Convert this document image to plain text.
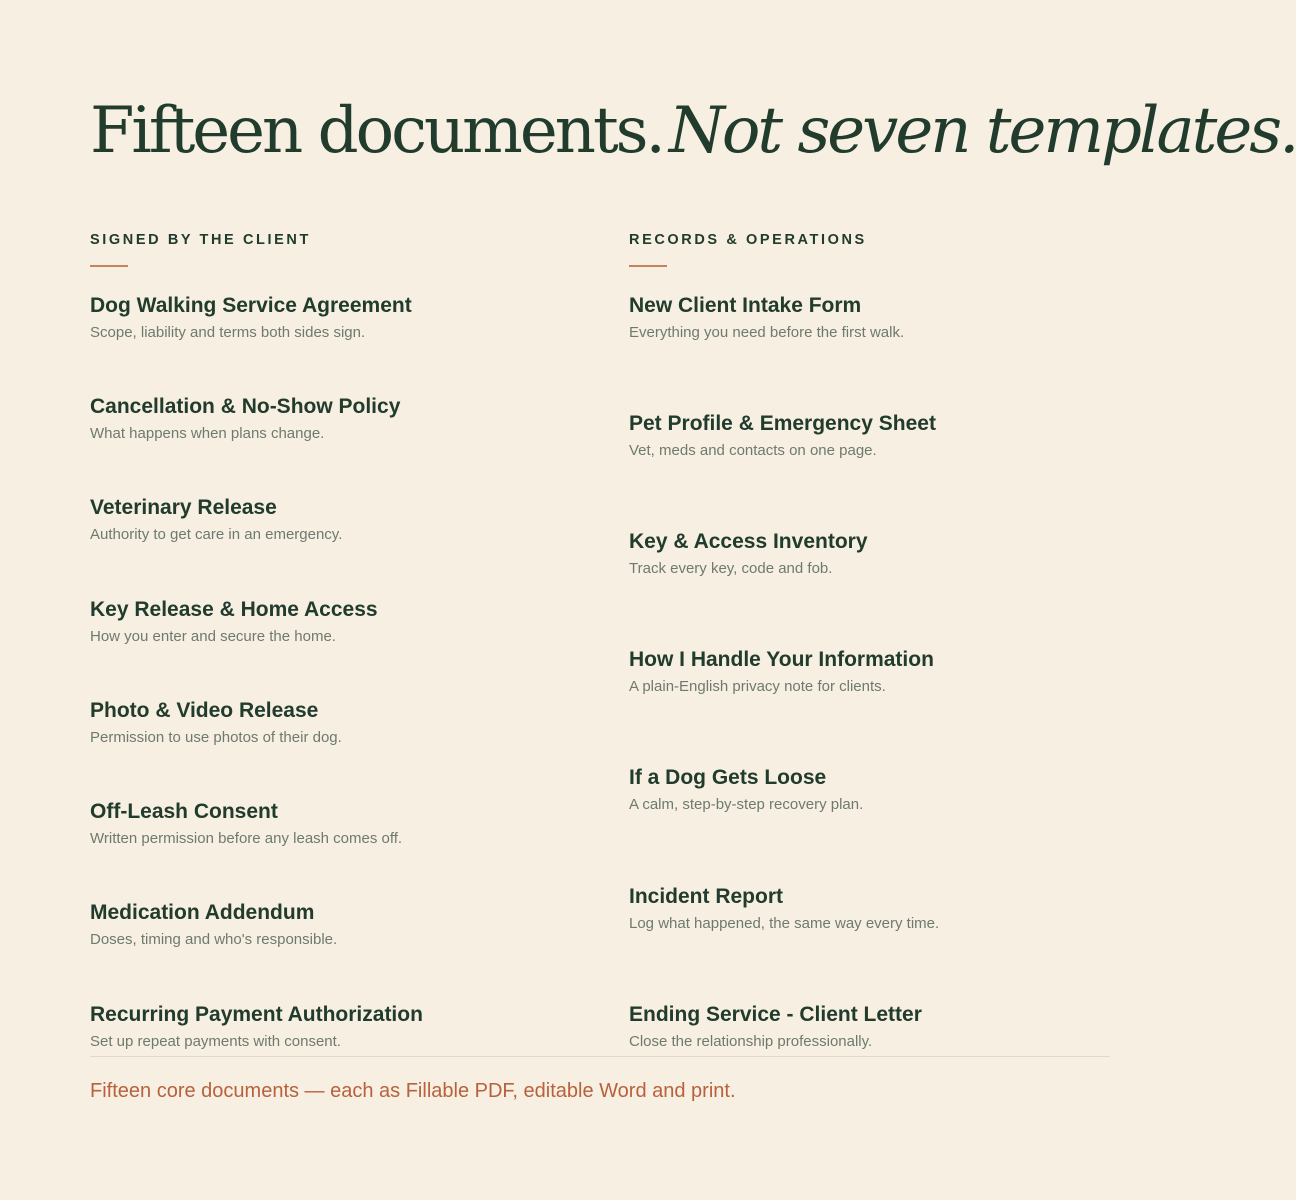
Fifteen documents.Not seven templates.
SIGNED BY THE CLIENT
Dog Walking Service Agreement
Scope, liability and terms both sides sign.
Cancellation & No-Show Policy
What happens when plans change.
Veterinary Release
Authority to get care in an emergency.
Key Release & Home Access
How you enter and secure the home.
Photo & Video Release
Permission to use photos of their dog.
Off-Leash Consent
Written permission before any leash comes off.
Medication Addendum
Doses, timing and who's responsible.
Recurring Payment Authorization
Set up repeat payments with consent.
RECORDS & OPERATIONS
New Client Intake Form
Everything you need before the first walk.
Pet Profile & Emergency Sheet
Vet, meds and contacts on one page.
Key & Access Inventory
Track every key, code and fob.
How I Handle Your Information
A plain-English privacy note for clients.
If a Dog Gets Loose
A calm, step-by-step recovery plan.
Incident Report
Log what happened, the same way every time.
Ending Service - Client Letter
Close the relationship professionally.
Fifteen core documents — each as Fillable PDF, editable Word and print.
